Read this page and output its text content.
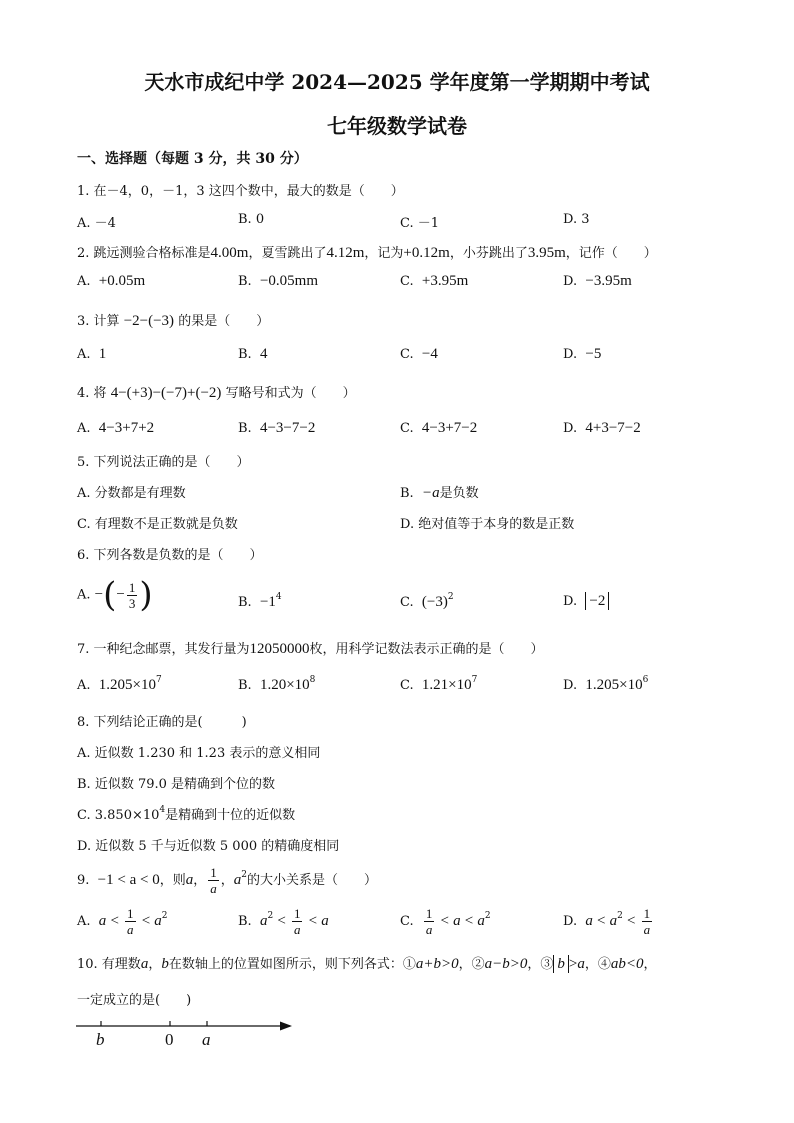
天水市成纪中学 2024—2025 学年度第一学期期中考试
七年级数学试卷
一、选择题（每题 3 分，共 30 分）
1. 在－4，0，－1，3 这四个数中，最大的数是（　　）
A. －4	B. 0	C. －1	D. 3
2. 跳远测验合格标准是4.00m，夏雪跳出了4.12m，记为+0.12m，小芬跳出了3.95m，记作（　　）
A.  +0.05m	B.  −0.05mm	C.  +3.95m	D.  −3.95m
3. 计算 −2−(−3) 的果是（　　）
A.  1	B.  4	C.  −4	D.  −5
4. 将 4−(+3)−(−7)+(−2) 写略号和式为（　　）
A.  4−3+7+2	B.  4−3−7−2	C.  4−3+7−2	D.  4+3−7−2
5. 下列说法正确的是（　　）
A. 分数都是有理数	B.  −a是负数
C. 有理数不是正数就是负数	D. 绝对值等于本身的数是正数
6. 下列各数是负数的是（　　）
A. −(− $\frac{1}{3}$ )	B.  $-1^4$	C.  $(-3)^2$	D.  −2
7. 一种纪念邮票，其发行量为12050000枚，用科学记数法表示正确的是（　　）
A.  $1.205\times 10^7$	B.  $1.20\times 10^8$	C.  $1.21\times 10^7$	D.  $1.205\times 10^6$
8. 下列结论正确的是(　　　)
A. 近似数 1.230 和 1.23 表示的意义相同
B. 近似数 79.0 是精确到个位的数
C. $3.850\times 10^4$是精确到十位的近似数
D. 近似数 5 千与近似数 5 000 的精确度相同
9. −1 < a < 0，则a， $\frac{1}{a}$ ，$a^2$的大小关系是（　　）
A.  $a < \frac{1}{a} < a^2$	B.  $a^2 < \frac{1}{a} < a$	C. $\frac{1}{a} < a < a^2$	D.  $a < a^2 < \frac{1}{a}$
10. 有理数a，b在数轴上的位置如图所示，则下列各式：①a+b>0，②a−b>0，③ b >a，④ab<0，
一定成立的是(　　)
b	0 a
